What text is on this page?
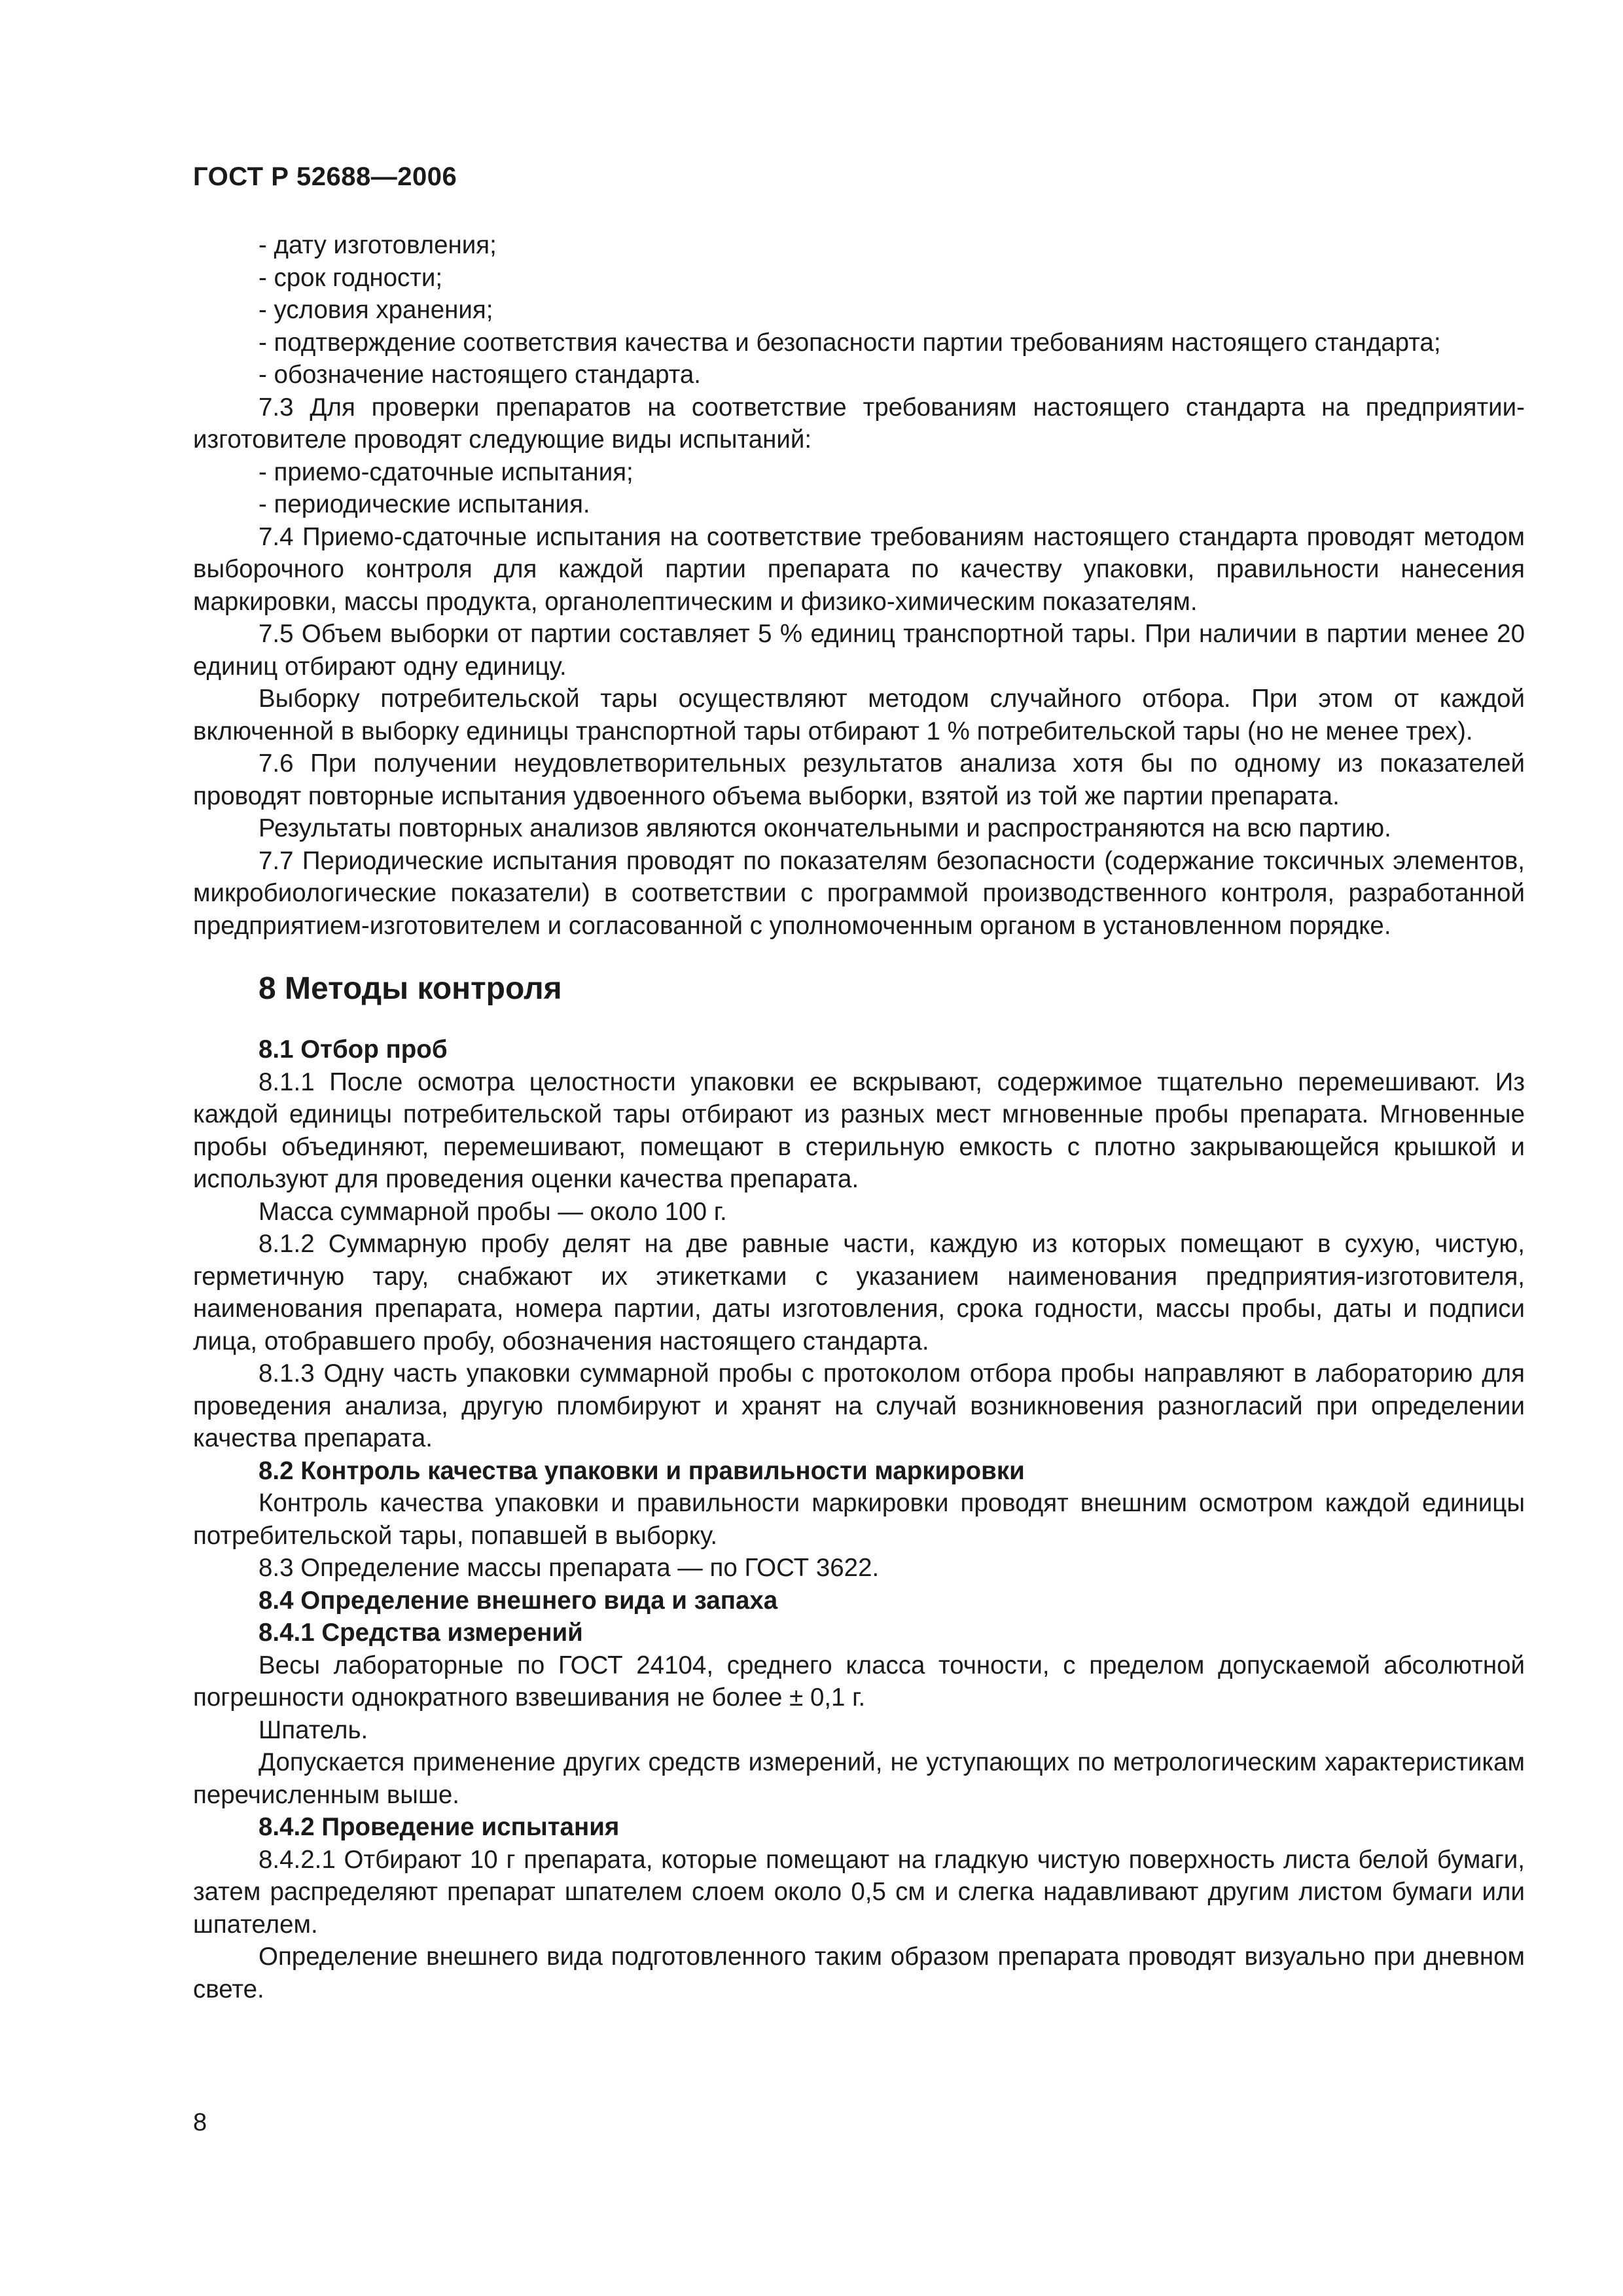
ГОСТ Р 52688—2006

- дату изготовления;

- срок годности;

- условия хранения;

- подтверждение соответствия качества и безопасности партии требованиям настоящего стандарта;

- обозначение настоящего стандарта.

7.3 Для проверки препаратов на соответствие требованиям настоящего стандарта на предприятии-изготовителе проводят следующие виды испытаний:

- приемо-сдаточные испытания;

- периодические испытания.

7.4 Приемо-сдаточные испытания на соответствие требованиям настоящего стандарта проводят методом выборочного контроля для каждой партии препарата по качеству упаковки, правильности нанесения маркировки, массы продукта, органолептическим и физико-химическим показателям.

7.5 Объем выборки от партии составляет 5 % единиц транспортной тары. При наличии в партии менее 20 единиц отбирают одну единицу.

Выборку потребительской тары осуществляют методом случайного отбора. При этом от каждой включенной в выборку единицы транспортной тары отбирают 1 % потребительской тары (но не менее трех).

7.6 При получении неудовлетворительных результатов анализа хотя бы по одному из показателей проводят повторные испытания удвоенного объема выборки, взятой из той же партии препарата.

Результаты повторных анализов являются окончательными и распространяются на всю партию.

7.7 Периодические испытания проводят по показателям безопасности (содержание токсичных элементов, микробиологические показатели) в соответствии с программой производственного контроля, разработанной предприятием-изготовителем и согласованной с уполномоченным органом в установленном порядке.

8 Методы контроля

8.1 Отбор проб

8.1.1 После осмотра целостности упаковки ее вскрывают, содержимое тщательно перемешивают. Из каждой единицы потребительской тары отбирают из разных мест мгновенные пробы препарата. Мгновенные пробы объединяют, перемешивают, помещают в стерильную емкость с плотно закрывающейся крышкой и используют для проведения оценки качества препарата.

Масса суммарной пробы — около 100 г.

8.1.2 Суммарную пробу делят на две равные части, каждую из которых помещают в сухую, чистую, герметичную тару, снабжают их этикетками с указанием наименования предприятия-изготовителя, наименования препарата, номера партии, даты изготовления, срока годности, массы пробы, даты и подписи лица, отобравшего пробу, обозначения настоящего стандарта.

8.1.3 Одну часть упаковки суммарной пробы с протоколом отбора пробы направляют в лабораторию для проведения анализа, другую пломбируют и хранят на случай возникновения разногласий при определении качества препарата.

8.2 Контроль качества упаковки и правильности маркировки

Контроль качества упаковки и правильности маркировки проводят внешним осмотром каждой единицы потребительской тары, попавшей в выборку.

8.3 Определение массы препарата — по ГОСТ 3622.

8.4 Определение внешнего вида и запаха

8.4.1 Средства измерений

Весы лабораторные по ГОСТ 24104, среднего класса точности, с пределом допускаемой абсолютной погрешности однократного взвешивания не более ± 0,1 г.

Шпатель.

Допускается применение других средств измерений, не уступающих по метрологическим характеристикам перечисленным выше.

8.4.2 Проведение испытания

8.4.2.1 Отбирают 10 г препарата, которые помещают на гладкую чистую поверхность листа белой бумаги, затем распределяют препарат шпателем слоем около 0,5 см и слегка надавливают другим листом бумаги или шпателем.

Определение внешнего вида подготовленного таким образом препарата проводят визуально при дневном свете.

8
